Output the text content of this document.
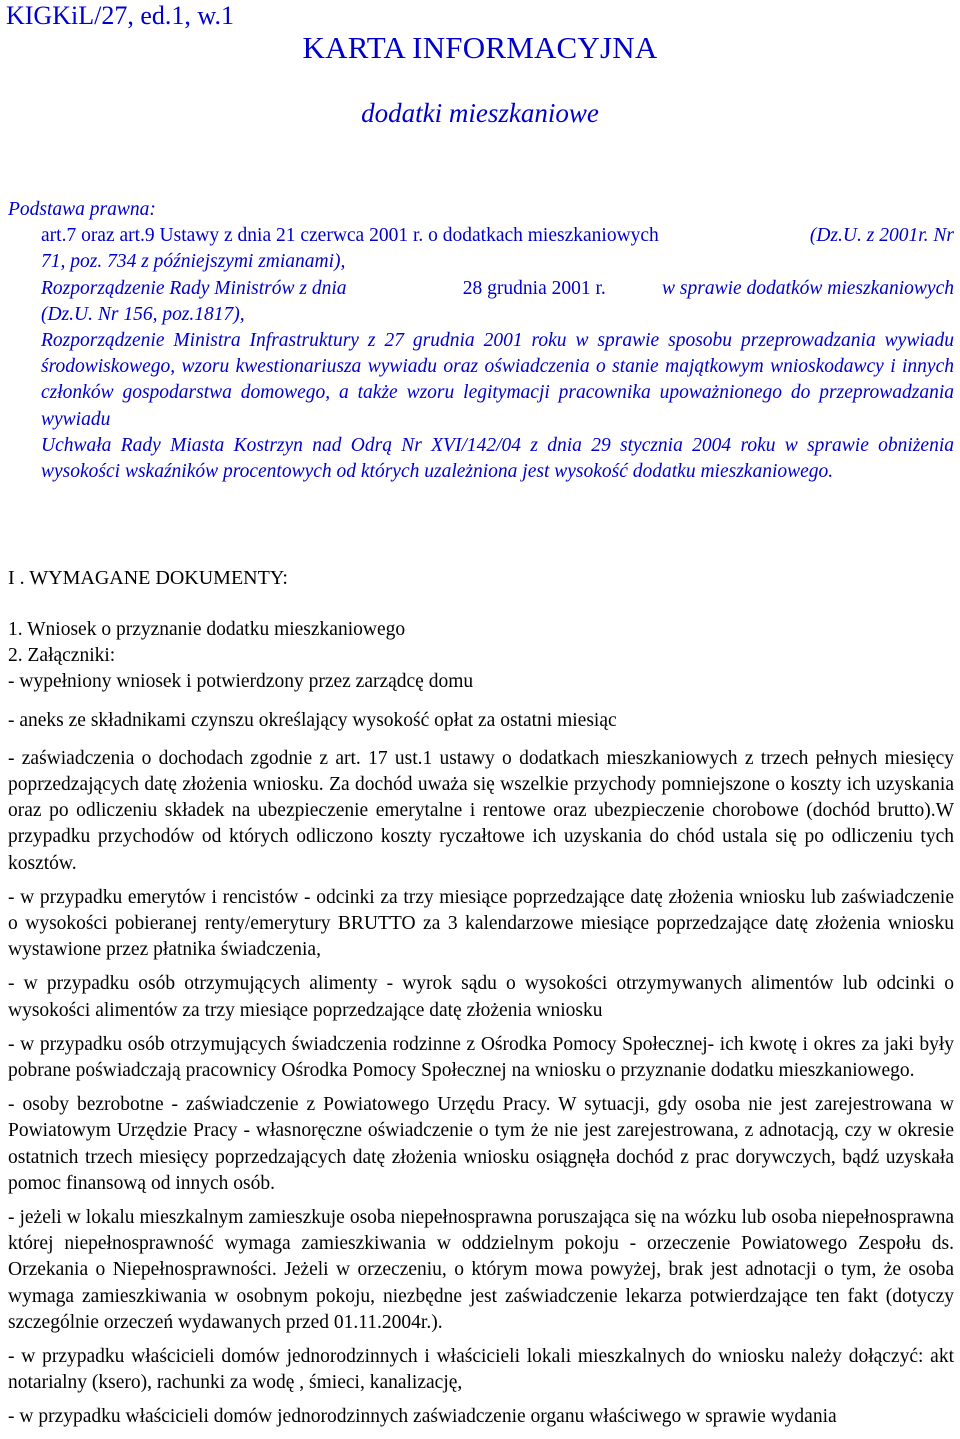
KIGKiL/27, ed.1, w.1
KARTA INFORMACYJNA
dodatki mieszkaniowe
Podstawa prawna:
art.7 oraz art.9 Ustawy z dnia 21 czerwca 2001 r. o dodatkach mieszkaniowych	(Dz.U. z 2001r. Nr
71, poz. 734 z późniejszymi zmianami),
Rozporządzenie Rady Ministrów z dnia	28 grudnia 2001 r.	w sprawie dodatków mieszkaniowych
(Dz.U. Nr 156, poz.1817),
Rozporządzenie Ministra Infrastruktury z 27 grudnia 2001 roku w sprawie sposobu przeprowadzania wywiadu środowiskowego, wzoru kwestionariusza wywiadu oraz oświadczenia o stanie majątkowym wnioskodawcy i innych członków gospodarstwa domowego, a także wzoru legitymacji pracownika upoważnionego do przeprowadzania wywiadu
Uchwała Rady Miasta Kostrzyn nad Odrą Nr XVI/142/04 z dnia 29 stycznia 2004 roku w sprawie obniżenia wysokości wskaźników procentowych od których uzależniona jest wysokość dodatku mieszkaniowego.
I . WYMAGANE DOKUMENTY:

1. Wniosek o przyznanie dodatku mieszkaniowego

2. Załączniki:

- wypełniony wniosek i potwierdzony przez zarządcę domu

- aneks ze składnikami czynszu określający wysokość opłat za ostatni miesiąc

- zaświadczenia o dochodach zgodnie z art. 17 ust.1 ustawy o dodatkach mieszkaniowych z trzech pełnych miesięcy poprzedzających datę złożenia wniosku. Za dochód uważa się wszelkie przychody pomniejszone o koszty ich uzyskania oraz po odliczeniu składek na ubezpieczenie emerytalne i rentowe oraz ubezpieczenie chorobowe (dochód brutto).W przypadku przychodów od których odliczono koszty ryczałtowe ich uzyskania do chód ustala się po odliczeniu tych kosztów.

- w przypadku emerytów i rencistów - odcinki za trzy miesiące poprzedzające datę złożenia wniosku lub zaświadczenie o wysokości pobieranej renty/emerytury BRUTTO za 3 kalendarzowe miesiące poprzedzające datę złożenia wniosku wystawione przez płatnika świadczenia,

- w przypadku osób otrzymujących alimenty - wyrok sądu o wysokości otrzymywanych alimentów lub odcinki o wysokości alimentów za trzy miesiące poprzedzające datę złożenia wniosku

- w przypadku osób otrzymujących świadczenia rodzinne z Ośrodka Pomocy Społecznej- ich kwotę i okres za jaki były pobrane poświadczają pracownicy Ośrodka Pomocy Społecznej na wniosku o przyznanie dodatku mieszkaniowego.

- osoby bezrobotne - zaświadczenie z Powiatowego Urzędu Pracy. W sytuacji, gdy osoba nie jest zarejestrowana w Powiatowym Urzędzie Pracy - własnoręczne oświadczenie o tym że nie jest zarejestrowana, z adnotacją, czy w okresie ostatnich trzech miesięcy poprzedzających datę złożenia wniosku osiągnęła dochód z prac dorywczych, bądź uzyskała pomoc finansową od innych osób.

- jeżeli w lokalu mieszkalnym zamieszkuje osoba niepełnosprawna poruszająca się na wózku lub osoba niepełnosprawna której niepełnosprawność wymaga zamieszkiwania w oddzielnym pokoju - orzeczenie Powiatowego Zespołu ds. Orzekania o Niepełnosprawności. Jeżeli w orzeczeniu, o którym mowa powyżej, brak jest adnotacji o tym, że osoba wymaga zamieszkiwania w osobnym pokoju, niezbędne jest zaświadczenie lekarza potwierdzające ten fakt (dotyczy szczególnie orzeczeń wydawanych przed 01.11.2004r.).

- w przypadku właścicieli domów jednorodzinnych i właścicieli lokali mieszkalnych do wniosku należy dołączyć: akt notarialny (ksero), rachunki za wodę , śmieci, kanalizację,

- w przypadku właścicieli domów jednorodzinnych zaświadczenie organu właściwego w sprawie wydania
